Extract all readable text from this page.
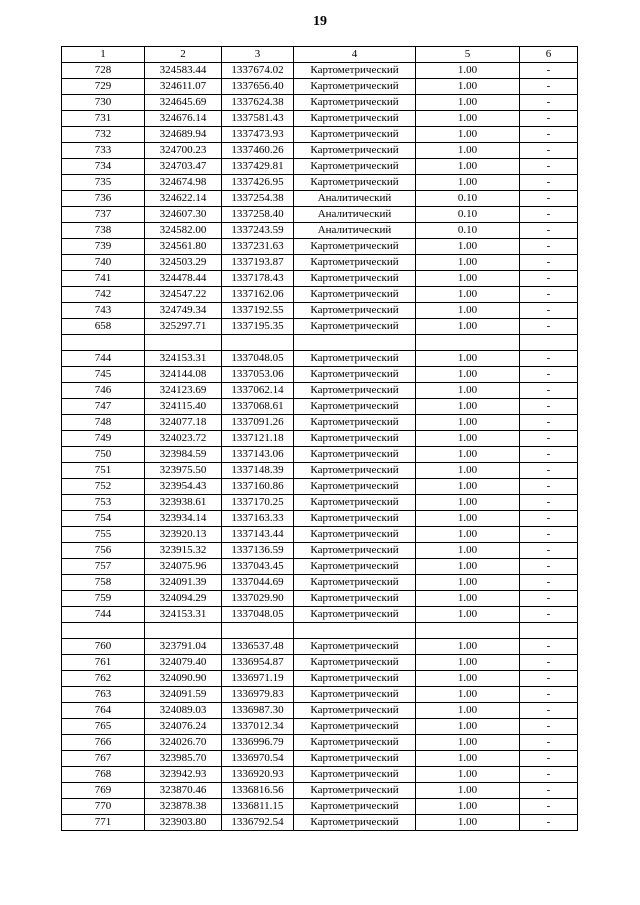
19
1	2	3	4	5	6
728	324583.44	1337674.02	Картометрический	1.00	-
729	324611.07	1337656.40	Картометрический	1.00	-
730	324645.69	1337624.38	Картометрический	1.00	-
731	324676.14	1337581.43	Картометрический	1.00	-
732	324689.94	1337473.93	Картометрический	1.00	-
733	324700.23	1337460.26	Картометрический	1.00	-
734	324703.47	1337429.81	Картометрический	1.00	-
735	324674.98	1337426.95	Картометрический	1.00	-
736	324622.14	1337254.38	Аналитический	0.10	-
737	324607.30	1337258.40	Аналитический	0.10	-
738	324582.00	1337243.59	Аналитический	0.10	-
739	324561.80	1337231.63	Картометрический	1.00	-
740	324503.29	1337193.87	Картометрический	1.00	-
741	324478.44	1337178.43	Картометрический	1.00	-
742	324547.22	1337162.06	Картометрический	1.00	-
743	324749.34	1337192.55	Картометрический	1.00	-
658	325297.71	1337195.35	Картометрический	1.00	-

744	324153.31	1337048.05	Картометрический	1.00	-
745	324144.08	1337053.06	Картометрический	1.00	-
746	324123.69	1337062.14	Картометрический	1.00	-
747	324115.40	1337068.61	Картометрический	1.00	-
748	324077.18	1337091.26	Картометрический	1.00	-
749	324023.72	1337121.18	Картометрический	1.00	-
750	323984.59	1337143.06	Картометрический	1.00	-
751	323975.50	1337148.39	Картометрический	1.00	-
752	323954.43	1337160.86	Картометрический	1.00	-
753	323938.61	1337170.25	Картометрический	1.00	-
754	323934.14	1337163.33	Картометрический	1.00	-
755	323920.13	1337143.44	Картометрический	1.00	-
756	323915.32	1337136.59	Картометрический	1.00	-
757	324075.96	1337043.45	Картометрический	1.00	-
758	324091.39	1337044.69	Картометрический	1.00	-
759	324094.29	1337029.90	Картометрический	1.00	-
744	324153.31	1337048.05	Картометрический	1.00	-

760	323791.04	1336537.48	Картометрический	1.00	-
761	324079.40	1336954.87	Картометрический	1.00	-
762	324090.90	1336971.19	Картометрический	1.00	-
763	324091.59	1336979.83	Картометрический	1.00	-
764	324089.03	1336987.30	Картометрический	1.00	-
765	324076.24	1337012.34	Картометрический	1.00	-
766	324026.70	1336996.79	Картометрический	1.00	-
767	323985.70	1336970.54	Картометрический	1.00	-
768	323942.93	1336920.93	Картометрический	1.00	-
769	323870.46	1336816.56	Картометрический	1.00	-
770	323878.38	1336811.15	Картометрический	1.00	-
771	323903.80	1336792.54	Картометрический	1.00	-
